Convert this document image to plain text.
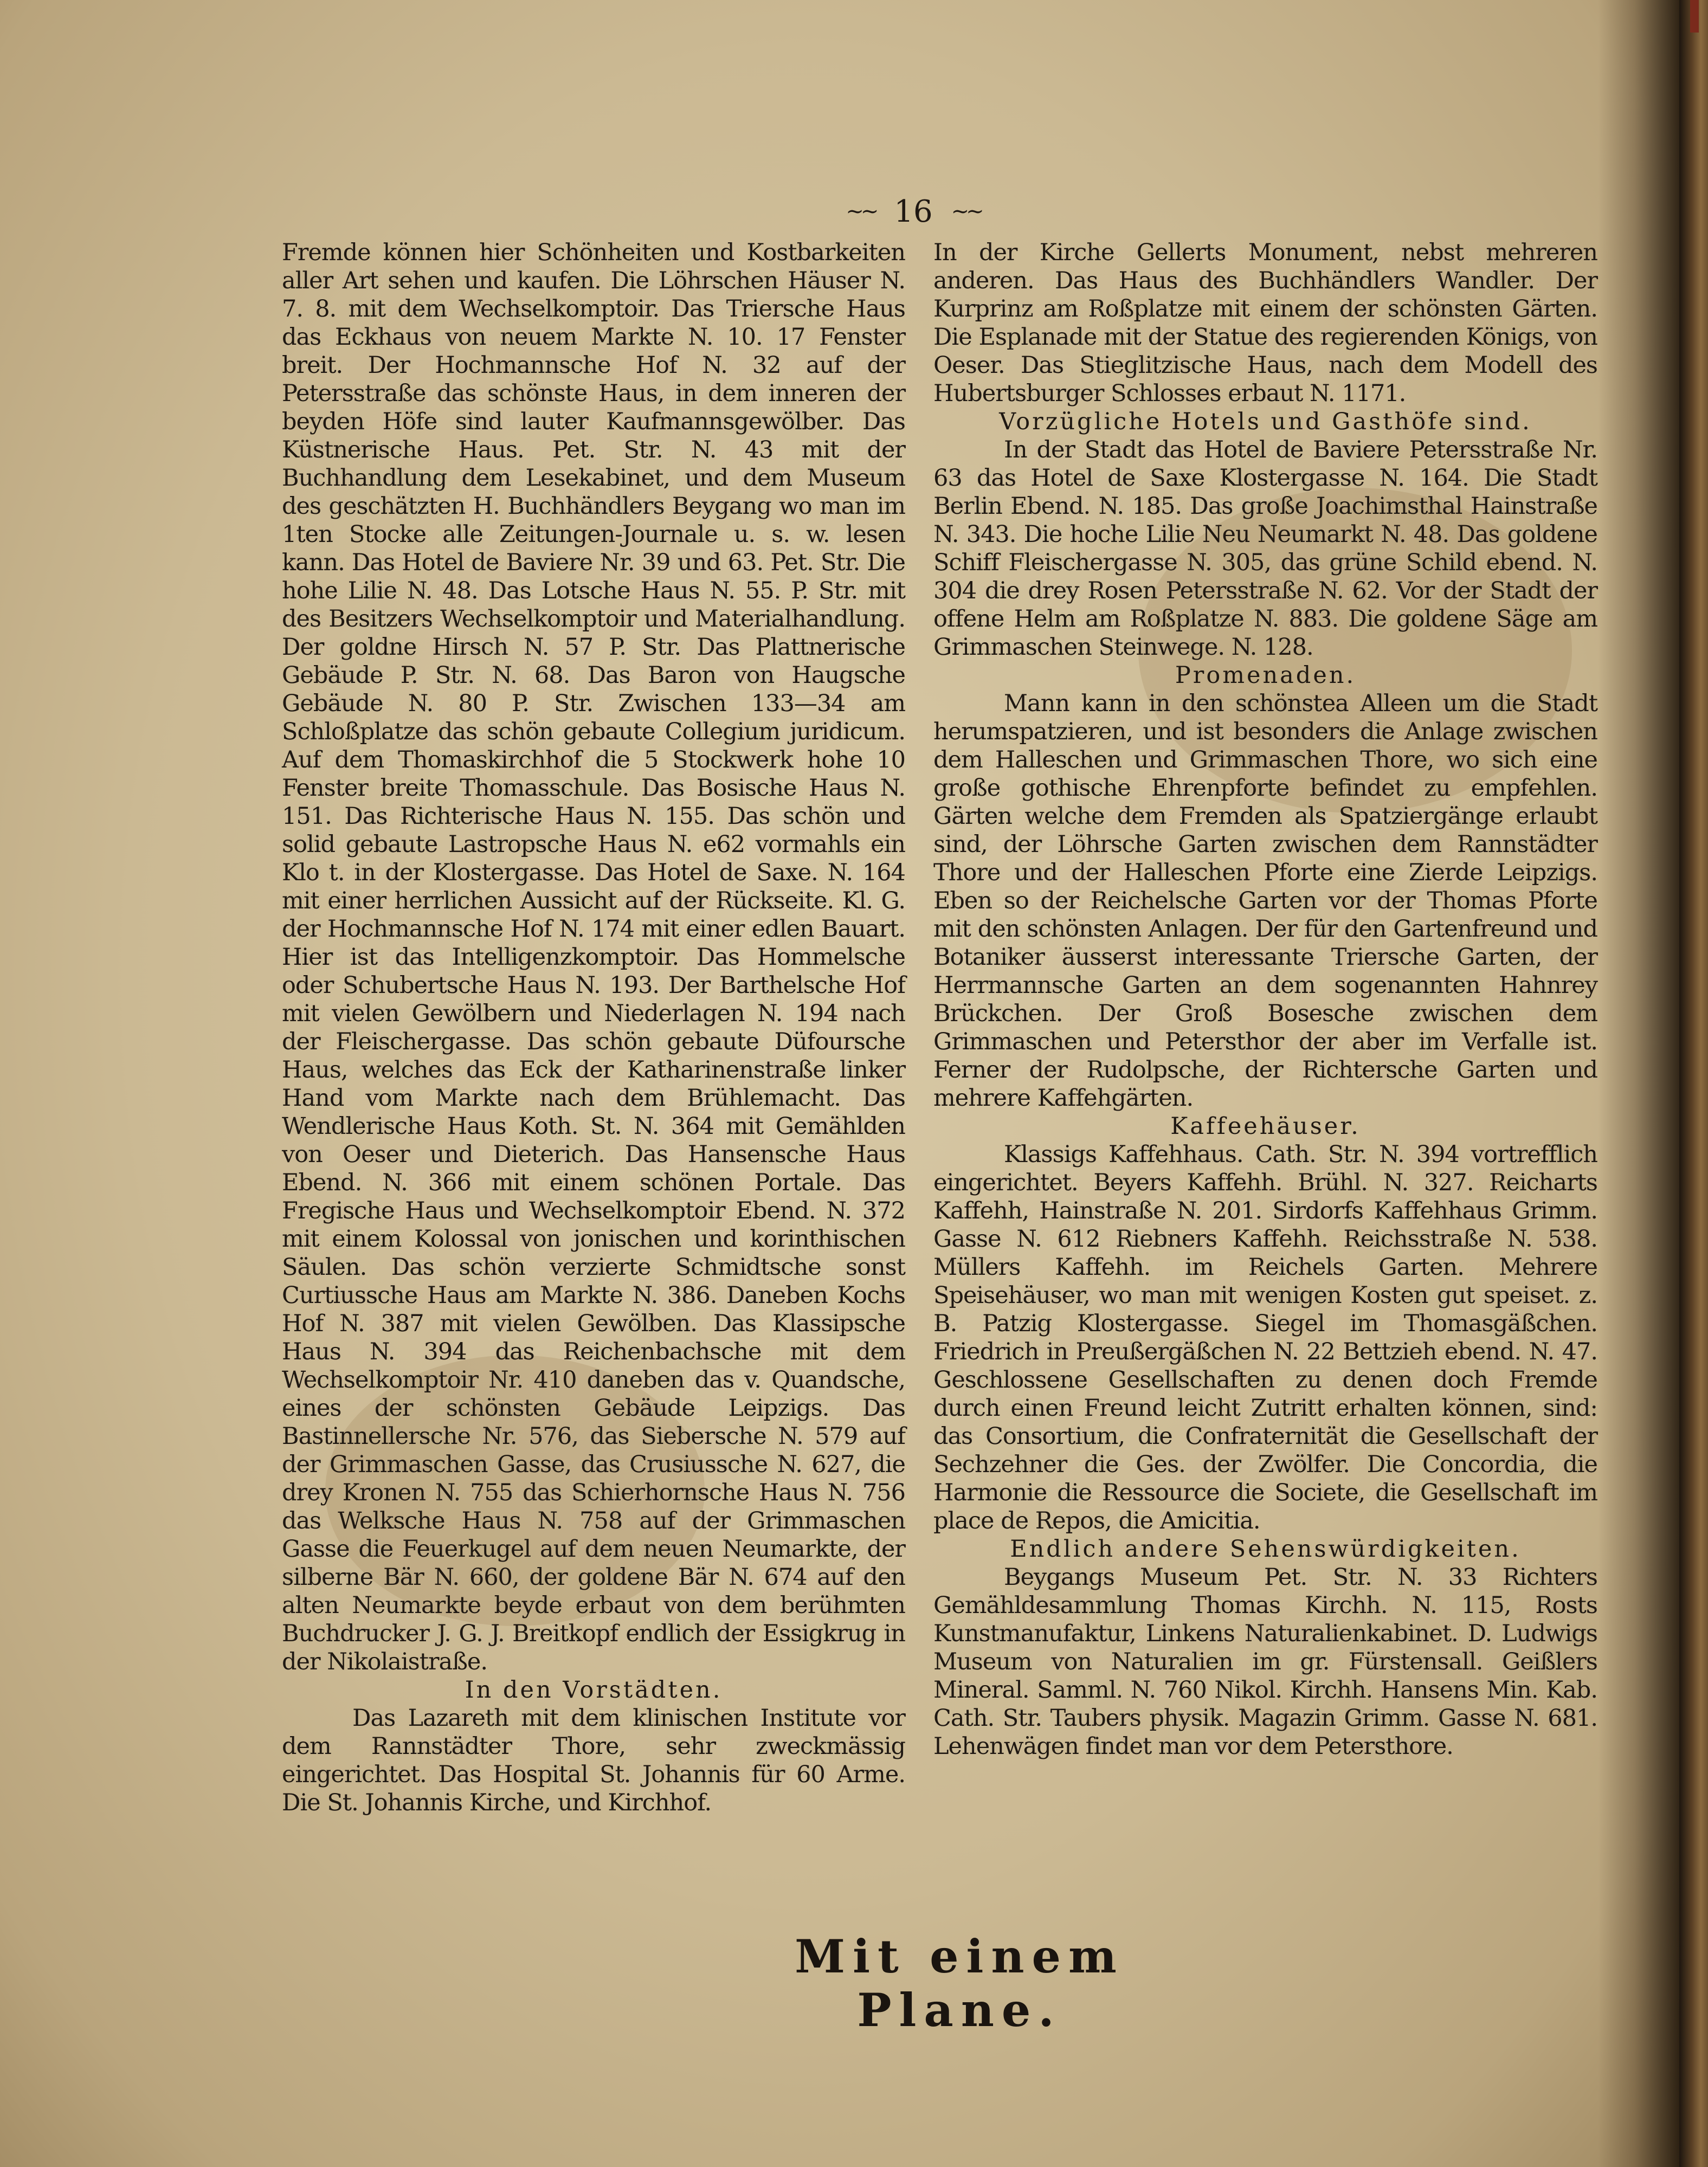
~~ 16 ~~

Fremde können hier Schönheiten und Kostbarkeiten aller Art sehen und kaufen. Die Löhrschen Häuser N. 7. 8. mit dem Wechselkomptoir. Das Triersche Haus das Eckhaus von neuem Markte N. 10. 17 Fenster breit. Der Hochmannsche Hof N. 32 auf der Petersstraße das schönste Haus, in dem inneren der beyden Höfe sind lauter Kaufmannsgewölber. Das Küstnerische Haus. Pet. Str. N. 43 mit der Buchhandlung dem Lesekabinet, und dem Museum des geschätzten H. Buchhändlers Beygang wo man im 1ten Stocke alle Zeitungen-Journale u. s. w. lesen kann. Das Hotel de Baviere Nr. 39 und 63. Pet. Str. Die hohe Lilie N. 48. Das Lotsche Haus N. 55. P. Str. mit des Besitzers Wechselkomptoir und Materialhandlung. Der goldne Hirsch N. 57 P. Str. Das Plattnerische Gebäude P. Str. N. 68. Das Baron von Haugsche Gebäude N. 80 P. Str. Zwischen 133—34 am Schloßplatze das schön gebaute Collegium juridicum. Auf dem Thomaskirchhof die 5 Stockwerk hohe 10 Fenster breite Thomasschule. Das Bosische Haus N. 151. Das Richterische Haus N. 155. Das schön und solid gebaute Lastropsche Haus N. e62 vormahls ein Klo t. in der Klostergasse. Das Hotel de Saxe. N. 164 mit einer herrlichen Aussicht auf der Rückseite. Kl. G. der Hochmannsche Hof N. 174 mit einer edlen Bauart. Hier ist das Intelligenzkomptoir. Das Hommelsche oder Schubertsche Haus N. 193. Der Barthelsche Hof mit vielen Gewölbern und Niederlagen N. 194 nach der Fleischergasse. Das schön gebaute Düfoursche Haus, welches das Eck der Katharinenstraße linker Hand vom Markte nach dem Brühlemacht. Das Wendlerische Haus Koth. St. N. 364 mit Gemählden von Oeser und Dieterich. Das Hansensche Haus Ebend. N. 366 mit einem schönen Portale. Das Fregische Haus und Wechselkomptoir Ebend. N. 372 mit einem Kolossal von jonischen und korinthischen Säulen. Das schön verzierte Schmidtsche sonst Curtiussche Haus am Markte N. 386. Daneben Kochs Hof N. 387 mit vielen Gewölben. Das Klassipsche Haus N. 394 das Reichenbachsche mit dem Wechselkomptoir Nr. 410 daneben das v. Quandsche, eines der schönsten Gebäude Leipzigs. Das Bastinnellersche Nr. 576, das Siebersche N. 579 auf der Grimmaschen Gasse, das Crusiussche N. 627, die drey Kronen N. 755 das Schierhornsche Haus N. 756 das Welksche Haus N. 758 auf der Grimmaschen Gasse die Feuerkugel auf dem neuen Neumarkte, der silberne Bär N. 660, der goldene Bär N. 674 auf den alten Neumarkte beyde erbaut von dem berühmten Buchdrucker J. G. J. Breitkopf endlich der Essigkrug in der Nikolaistraße.

In den Vorstädten.

Das Lazareth mit dem klinischen Institute vor dem Rannstädter Thore, sehr zweckmässig eingerichtet. Das Hospital St. Johannis für 60 Arme. Die St. Johannis Kirche, und Kirchhof.

In der Kirche Gellerts Monument, nebst mehreren anderen. Das Haus des Buchhändlers Wandler. Der Kurprinz am Roßplatze mit einem der schönsten Gärten. Die Esplanade mit der Statue des regierenden Königs, von Oeser. Das Stieglitzische Haus, nach dem Modell des Hubertsburger Schlosses erbaut N. 1171.

Vorzügliche Hotels und Gasthöfe sind.

In der Stadt das Hotel de Baviere Petersstraße Nr. 63 das Hotel de Saxe Klostergasse N. 164. Die Stadt Berlin Ebend. N. 185. Das große Joachimsthal Hainstraße N. 343. Die hoche Lilie Neu Neumarkt N. 48. Das goldene Schiff Fleischergasse N. 305, das grüne Schild ebend. N. 304 die drey Rosen Petersstraße N. 62. Vor der Stadt der offene Helm am Roßplatze N. 883. Die goldene Säge am Grimmaschen Steinwege. N. 128.

Promenaden.

Mann kann in den schönstea Alleen um die Stadt herumspatzieren, und ist besonders die Anlage zwischen dem Halleschen und Grimmaschen Thore, wo sich eine große gothische Ehrenpforte befindet zu empfehlen. Gärten welche dem Fremden als Spatziergänge erlaubt sind, der Löhrsche Garten zwischen dem Rannstädter Thore und der Halleschen Pforte eine Zierde Leipzigs. Eben so der Reichelsche Garten vor der Thomas Pforte mit den schönsten Anlagen. Der für den Gartenfreund und Botaniker äusserst interessante Triersche Garten, der Herrmannsche Garten an dem sogenannten Hahnrey Brückchen. Der Groß Bosesche zwischen dem Grimmaschen und Petersthor der aber im Verfalle ist. Ferner der Rudolpsche, der Richtersche Garten und mehrere Kaffehgärten.

Kaffeehäuser.

Klassigs Kaffehhaus. Cath. Str. N. 394 vortrefflich eingerichtet. Beyers Kaffehh. Brühl. N. 327. Reicharts Kaffehh, Hainstraße N. 201. Sirdorfs Kaffehhaus Grimm. Gasse N. 612 Riebners Kaffehh. Reichsstraße N. 538. Müllers Kaffehh. im Reichels Garten. Mehrere Speisehäuser, wo man mit wenigen Kosten gut speiset. z. B. Patzig Klostergasse. Siegel im Thomasgäßchen. Friedrich in Preußergäßchen N. 22 Bettzieh ebend. N. 47. Geschlossene Gesellschaften zu denen doch Fremde durch einen Freund leicht Zutritt erhalten können, sind: das Consortium, die Confraternität die Gesellschaft der Sechzehner die Ges. der Zwölfer. Die Concordia, die Harmonie die Ressource die Societe, die Gesellschaft im place de Repos, die Amicitia.

Endlich andere Sehenswürdigkeiten.

Beygangs Museum Pet. Str. N. 33 Richters Gemähldesammlung Thomas Kirchh. N. 115, Rosts Kunstmanufaktur, Linkens Naturalienkabinet. D. Ludwigs Museum von Naturalien im gr. Fürstensall. Geißlers Mineral. Samml. N. 760 Nikol. Kirchh. Hansens Min. Kab. Cath. Str. Taubers physik. Magazin Grimm. Gasse N. 681. Lehenwägen findet man vor dem Petersthore.

Mit einem Plane.
